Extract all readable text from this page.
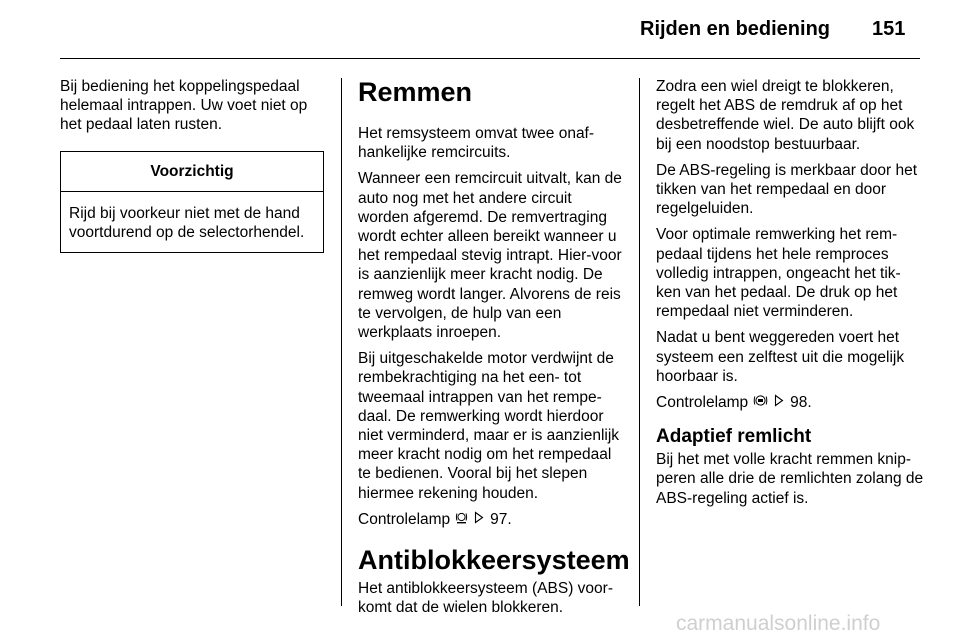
Rijden en bediening 151

Bij bediening het koppelingspedaal helemaal intrappen. Uw voet niet op het pedaal laten rusten.

Voorzichtig
Rijd bij voorkeur niet met de hand voortdurend op de selectorhendel.
Remmen

Het remsysteem omvat twee onaf-hankelijke remcircuits.

Wanneer een remcircuit uitvalt, kan de auto nog met het andere circuit worden afgeremd. De remvertraging wordt echter alleen bereikt wanneer u het rempedaal stevig intrapt. Hier-voor is aanzienlijk meer kracht nodig. De remweg wordt langer. Alvorens de reis te vervolgen, de hulp van een werkplaats inroepen.

Bij uitgeschakelde motor verdwijnt de rembekrachtiging na het een- tot tweemaal intrappen van het rempe-daal. De remwerking wordt hierdoor niet verminderd, maar er is aanzienlijk meer kracht nodig om het rempedaal te bedienen. Vooral bij het slepen hiermee rekening houden.

Controlelamp	97.

Antiblokkeersysteem

Het antiblokkeersysteem (ABS) voor-komt dat de wielen blokkeren.

Zodra een wiel dreigt te blokkeren, regelt het ABS de remdruk af op het desbetreffende wiel. De auto blijft ook bij een noodstop bestuurbaar.

De ABS-regeling is merkbaar door het tikken van het rempedaal en door regelgeluiden.

Voor optimale remwerking het rem-pedaal tijdens het hele remproces volledig intrappen, ongeacht het tik-ken van het pedaal. De druk op het rempedaal niet verminderen.

Nadat u bent weggereden voert het systeem een zelftest uit die mogelijk hoorbaar is.

Controlelamp	98.

Adaptief remlicht

Bij het met volle kracht remmen knip-peren alle drie de remlichten zolang de ABS-regeling actief is.

carmanualsonline.info
